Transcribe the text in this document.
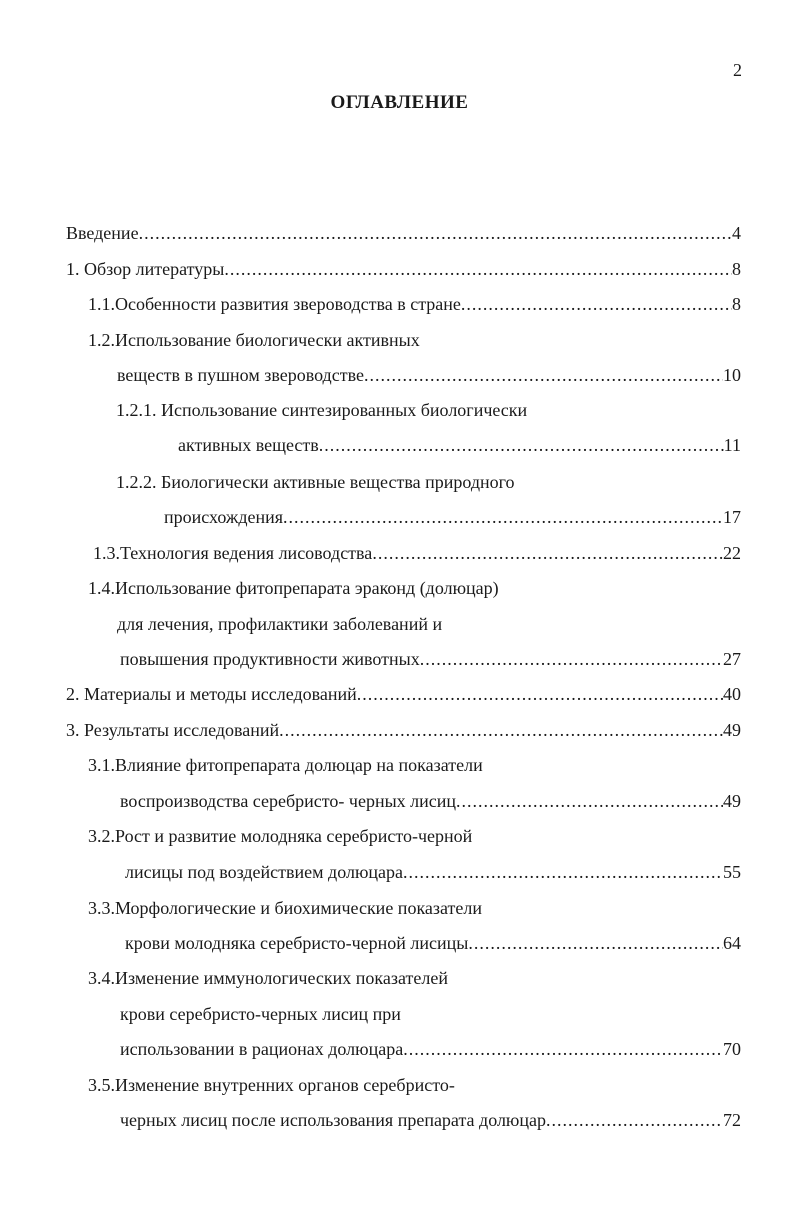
2
ОГЛАВЛЕНИЕ
Введение .....	4
1. Обзор литературы .....	8
1.1.Особенности развития звероводства в стране .....	8
1.2.Использование биологически активных
веществ в пушном звероводстве .....	10
1.2.1. Использование синтезированных биологически
активных веществ .....	11
1.2.2. Биологически активные вещества природного
происхождения .....	17
1.3.Технология ведения лисоводства .....	22
1.4.Использование фитопрепарата эраконд (долюцар)
для лечения, профилактики заболеваний и
повышения продуктивности животных .....	27
2. Материалы и методы исследований .....	40
3. Результаты исследований .....	49
3.1.Влияние фитопрепарата долюцар на показатели
воспроизводства серебристо- черных лисиц .....	49
3.2.Рост и развитие молодняка серебристо-черной
лисицы под воздействием долюцара .....	55
3.3.Морфологические и биохимические показатели
крови молодняка серебристо-черной лисицы .....	64
3.4.Изменение иммунологических показателей
крови серебристо-черных лисиц при
использовании в рационах долюцара .....	70
3.5.Изменение внутренних органов серебристо-
черных лисиц после использования препарата долюцар .....	72
